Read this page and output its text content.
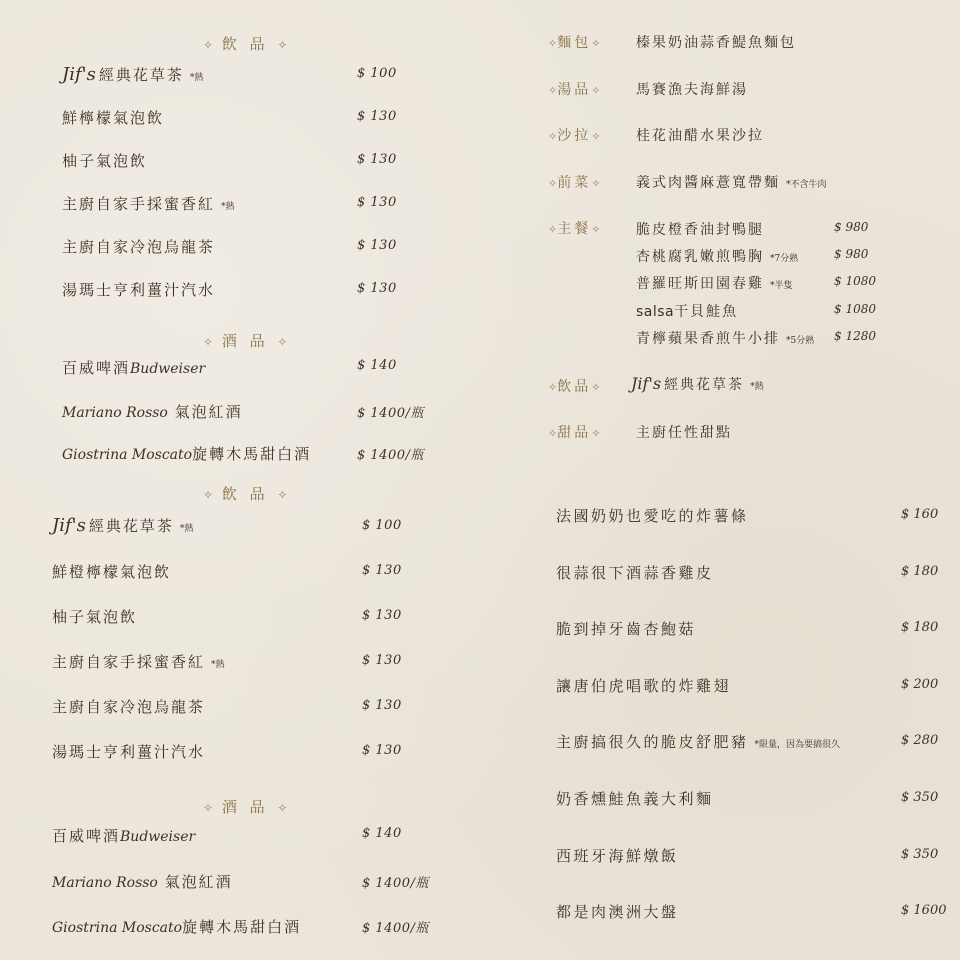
✧ 飲 品 ✧
Jif's 經典花草茶 *熱	$ 100
鮮檸檬氣泡飲	$ 130
柚子氣泡飲	$ 130
主廚自家手採蜜香紅 *熱	$ 130
主廚自家冷泡烏龍茶	$ 130
湯瑪士亨利薑汁汽水	$ 130
✧ 酒 品 ✧
百威啤酒Budweiser	$ 140
Mariano Rosso 氣泡紅酒	$ 1400/瓶
Giostrina Moscato旋轉木馬甜白酒	$ 1400/瓶
✧ 飲 品 ✧
Jif's 經典花草茶 *熱	$ 100
鮮橙檸檬氣泡飲	$ 130
柚子氣泡飲	$ 130
主廚自家手採蜜香紅 *熱	$ 130
主廚自家冷泡烏龍茶	$ 130
湯瑪士亨利薑汁汽水	$ 130
✧ 酒 品 ✧
百威啤酒Budweiser	$ 140
Mariano Rosso 氣泡紅酒	$ 1400/瓶
Giostrina Moscato旋轉木馬甜白酒	$ 1400/瓶
✧麵包✧	榛果奶油蒜香鯷魚麵包
✧湯品✧	馬賽漁夫海鮮湯
✧沙拉✧	桂花油醋水果沙拉
✧前菜✧	義式肉醬麻薏寬帶麵 *不含牛肉
✧主餐✧	脆皮橙香油封鴨腿	$ 980
杏桃腐乳嫩煎鴨胸 *7分熟	$ 980
普羅旺斯田園春雞 *半隻	$ 1080
salsa干貝鮭魚	$ 1080
青檸蘋果香煎牛小排 *5分熟 $ 1280
✧飲品✧ Jif's 經典花草茶 *熱
✧甜品✧	主廚任性甜點
法國奶奶也愛吃的炸薯條	$ 160
很蒜很下酒蒜香雞皮	$ 180
脆到掉牙齒杏鮑菇	$ 180
讓唐伯虎唱歌的炸雞翅	$ 200
主廚搞很久的脆皮舒肥豬 *限量，因為要搞很久	$ 280
奶香燻鮭魚義大利麵	$ 350
西班牙海鮮燉飯	$ 350
都是肉澳洲大盤	$ 1600
